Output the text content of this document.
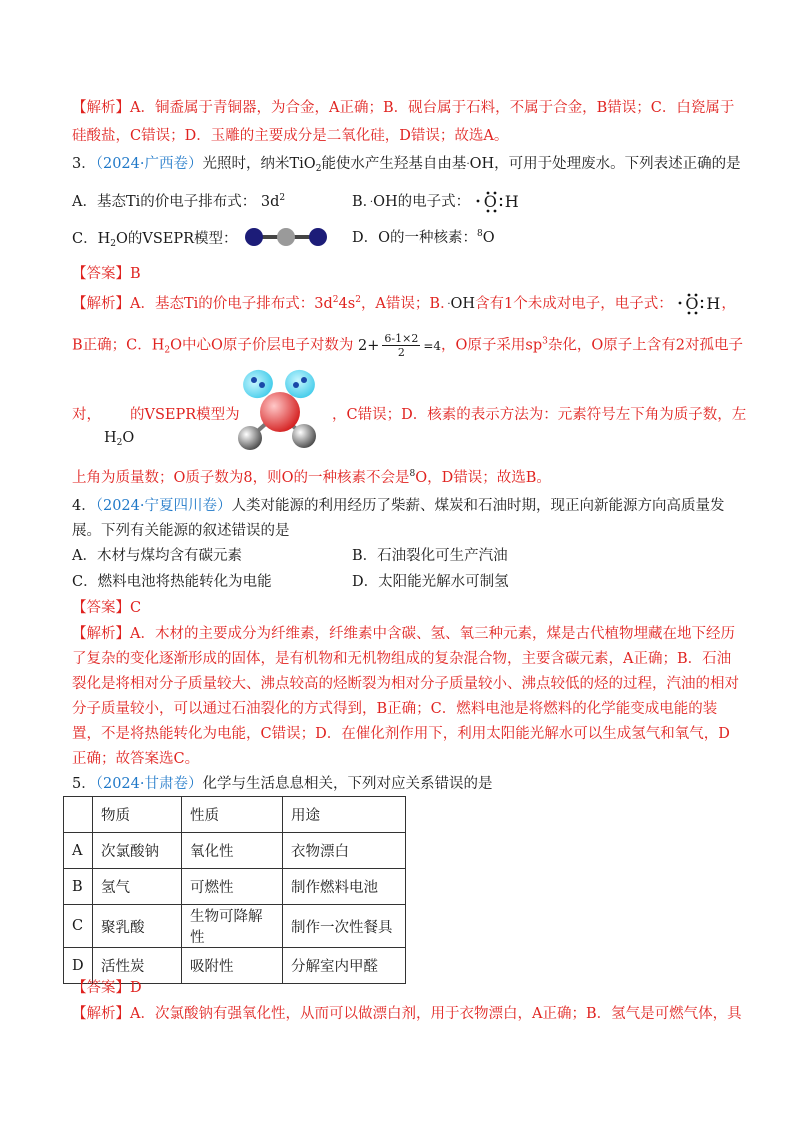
【解析】A．铜盉属于青铜器，为合金，A正确；B．砚台属于石料，不属于合金，B错误；C．白瓷属于
硅酸盐，C错误；D．玉雕的主要成分是二氧化硅，D错误；故选A。
3．（2024·广西卷）光照时，纳米TiO$_2$能使水产生羟基自由基·OH，可用于处理废水。下列表述正确的是
A．基态Ti的价电子排布式： $3d^2$	B．·OH的电子式： O H
C．$H_2O$的VSEPR模型：	D．O的一种核素：$^8$O
【答案】B
【解析】A．基态Ti的价电子排布式：$3d^24s^2$，A错误；B．·OH含有1个未成对电子，电子式： O H ，
B正确；C．$H_2O$中心O原子价层电子对数为 $2+ \frac{6-1\times 2}{2} =4$ ，O原子采用$sp^3$杂化，O原子上含有2对孤电子
对， 的VSEPR模型为	，C错误；D．核素的表示方法为：元素符号左下角为质子数，左
$H_2O$
上角为质量数；O质子数为8，则O的一种核素不会是$^8$O，D错误；故选B。
4．（2024·宁夏四川卷）人类对能源的利用经历了柴薪、煤炭和石油时期，现正向新能源方向高质量发
展。下列有关能源的叙述错误的是
A．木材与煤均含有碳元素	B．石油裂化可生产汽油
C．燃料电池将热能转化为电能	D．太阳能光解水可制氢
【答案】C
【解析】A．木材的主要成分为纤维素，纤维素中含碳、氢、氧三种元素，煤是古代植物埋藏在地下经历
了复杂的变化逐渐形成的固体，是有机物和无机物组成的复杂混合物，主要含碳元素，A正确；B．石油
裂化是将相对分子质量较大、沸点较高的烃断裂为相对分子质量较小、沸点较低的烃的过程，汽油的相对
分子质量较小，可以通过石油裂化的方式得到，B正确；C．燃料电池是将燃料的化学能变成电能的装
置，不是将热能转化为电能，C错误；D．在催化剂作用下，利用太阳能光解水可以生成氢气和氧气，D
正确；故答案选C。
5．（2024·甘肃卷）化学与生活息息相关，下列对应关系错误的是
	物质	性质	用途
A	次氯酸钠	氧化性	衣物漂白
B	氢气	可燃性	制作燃料电池
C	聚乳酸	生物可降解性	制作一次性餐具
D	活性炭	吸附性	分解室内甲醛
【答案】D
【解析】A．次氯酸钠有强氧化性，从而可以做漂白剂，用于衣物漂白，A正确；B．氢气是可燃气体，具
